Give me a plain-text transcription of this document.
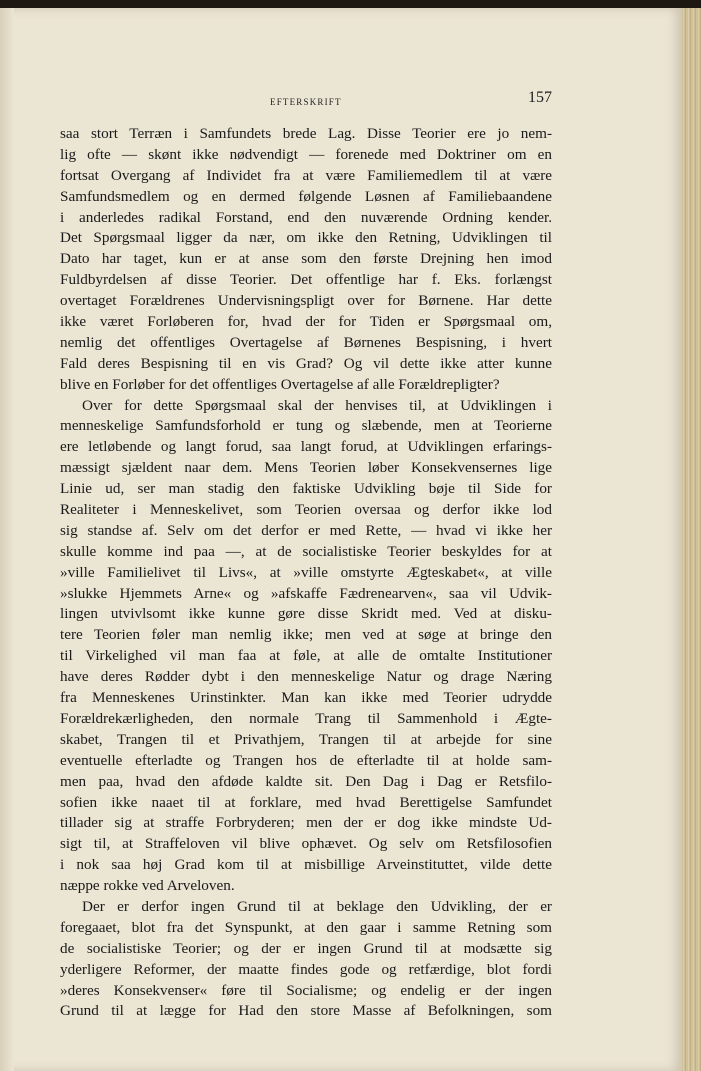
EFTERSKRIFT	157
saa stort Terræn i Samfundets brede Lag. Disse Teorier ere jo nem-
lig ofte — skønt ikke nødvendigt — forenede med Doktriner om en
fortsat Overgang af Individet fra at være Familiemedlem til at være
Samfundsmedlem og en dermed følgende Løsnen af Familiebaandene
i anderledes radikal Forstand, end den nuværende Ordning kender.
Det Spørgsmaal ligger da nær, om ikke den Retning, Udviklingen til
Dato har taget, kun er at anse som den første Drejning hen imod
Fuldbyrdelsen af disse Teorier. Det offentlige har f. Eks. forlængst
overtaget Forældrenes Undervisningspligt over for Børnene. Har dette
ikke været Forløberen for, hvad der for Tiden er Spørgsmaal om,
nemlig det offentliges Overtagelse af Børnenes Bespisning, i hvert
Fald deres Bespisning til en vis Grad? Og vil dette ikke atter kunne
blive en Forløber for det offentliges Overtagelse af alle Forældrepligter?
Over for dette Spørgsmaal skal der henvises til, at Udviklingen i
menneskelige Samfundsforhold er tung og slæbende, men at Teorierne
ere letløbende og langt forud, saa langt forud, at Udviklingen erfarings-
mæssigt sjældent naar dem. Mens Teorien løber Konsekvensernes lige
Linie ud, ser man stadig den faktiske Udvikling bøje til Side for
Realiteter i Menneskelivet, som Teorien oversaa og derfor ikke lod
sig standse af. Selv om det derfor er med Rette, — hvad vi ikke her
skulle komme ind paa —, at de socialistiske Teorier beskyldes for at
»ville Familielivet til Livs«, at »ville omstyrte Ægteskabet«, at ville
»slukke Hjemmets Arne« og »afskaffe Fædrenearven«, saa vil Udvik-
lingen utvivlsomt ikke kunne gøre disse Skridt med. Ved at disku-
tere Teorien føler man nemlig ikke; men ved at søge at bringe den
til Virkelighed vil man faa at føle, at alle de omtalte Institutioner
have deres Rødder dybt i den menneskelige Natur og drage Næring
fra Menneskenes Urinstinkter. Man kan ikke med Teorier udrydde
Forældrekærligheden, den normale Trang til Sammenhold i Ægte-
skabet, Trangen til et Privathjem, Trangen til at arbejde for sine
eventuelle efterladte og Trangen hos de efterladte til at holde sam-
men paa, hvad den afdøde kaldte sit. Den Dag i Dag er Retsfilo-
sofien ikke naaet til at forklare, med hvad Berettigelse Samfundet
tillader sig at straffe Forbryderen; men der er dog ikke mindste Ud-
sigt til, at Straffeloven vil blive ophævet. Og selv om Retsfilosofien
i nok saa høj Grad kom til at misbillige Arveinstituttet, vilde dette
næppe rokke ved Arveloven.
Der er derfor ingen Grund til at beklage den Udvikling, der er
foregaaet, blot fra det Synspunkt, at den gaar i samme Retning som
de socialistiske Teorier; og der er ingen Grund til at modsætte sig
yderligere Reformer, der maatte findes gode og retfærdige, blot fordi
»deres Konsekvenser« føre til Socialisme; og endelig er der ingen
Grund til at lægge for Had den store Masse af Befolkningen, som
